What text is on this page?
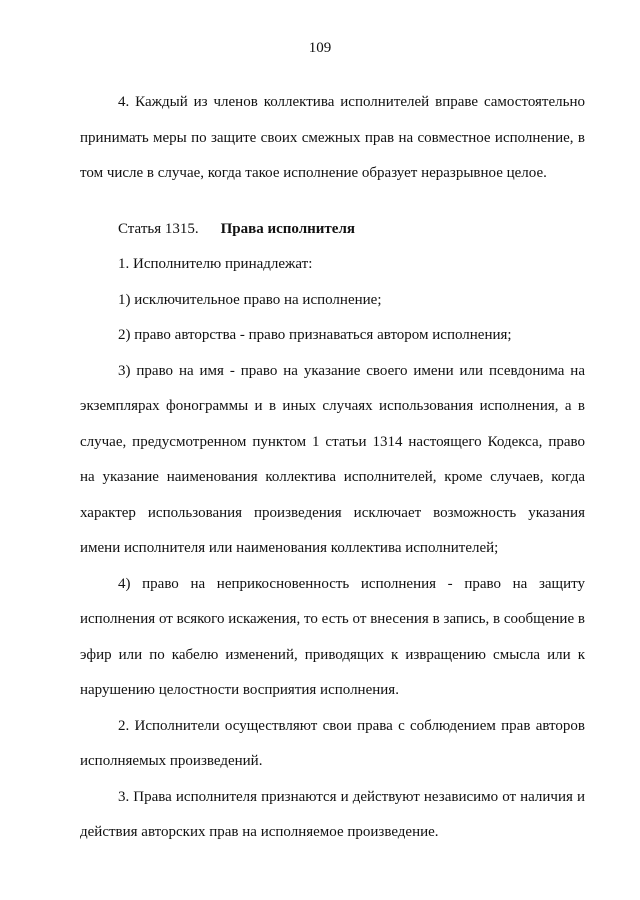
109

4. Каждый из членов коллектива исполнителей вправе самостоятельно принимать меры по защите своих смежных прав на совместное исполнение, в том числе в случае, когда такое исполнение образует неразрывное целое.

Статья 1315. Права исполнителя

1. Исполнителю принадлежат:

1) исключительное право на исполнение;

2) право авторства - право признаваться автором исполнения;

3) право на имя - право на указание своего имени или псевдонима на экземплярах фонограммы и в иных случаях использования исполнения, а в случае, предусмотренном пунктом 1 статьи 1314 настоящего Кодекса, право на указание наименования коллектива исполнителей, кроме случаев, когда характер использования произведения исключает возможность указания имени исполнителя или наименования коллектива исполнителей;

4) право на неприкосновенность исполнения - право на защиту исполнения от всякого искажения, то есть от внесения в запись, в сообщение в эфир или по кабелю изменений, приводящих к извращению смысла или к нарушению целостности восприятия исполнения.

2. Исполнители осуществляют свои права с соблюдением прав авторов исполняемых произведений.

3. Права исполнителя признаются и действуют независимо от наличия и действия авторских прав на исполняемое произведение.
